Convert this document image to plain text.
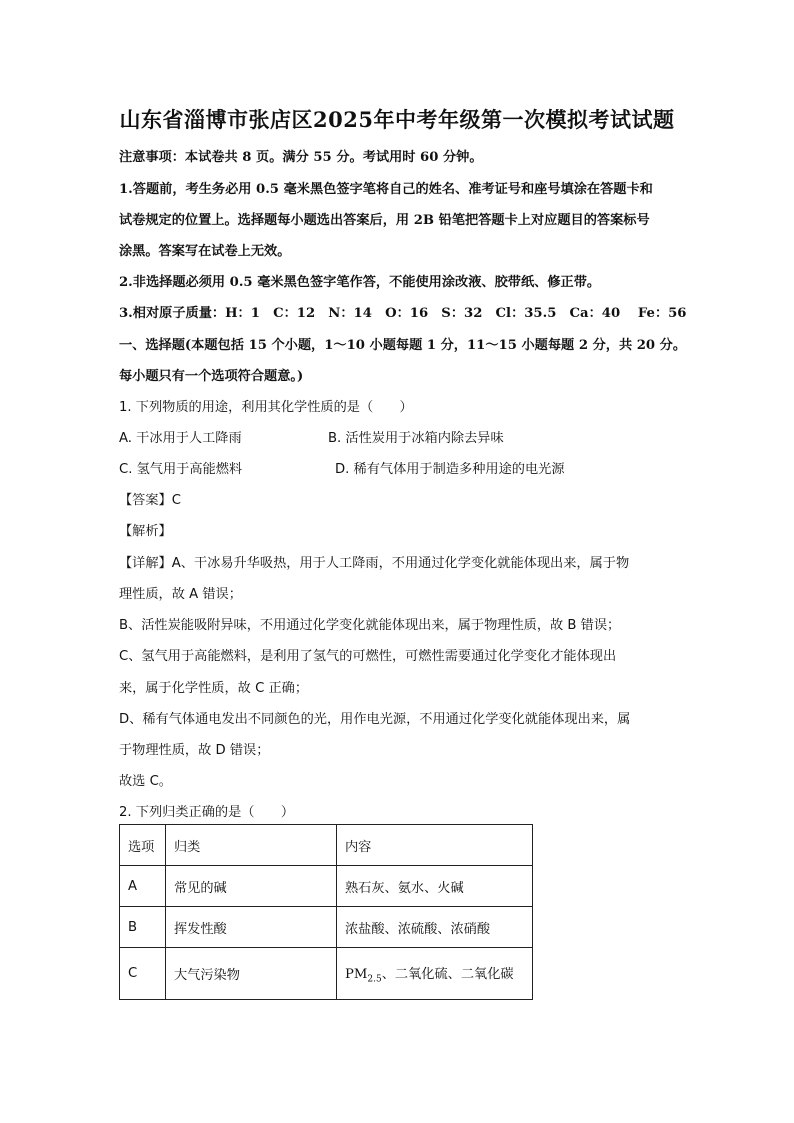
山东省淄博市张店区2025年中考年级第一次模拟考试试题
注意事项：本试卷共 8 页。满分 55 分。考试用时 60 分钟。
1.答题前，考生务必用 0.5 毫米黑色签字笔将自己的姓名、准考证号和座号填涂在答题卡和
试卷规定的位置上。选择题每小题选出答案后，用 2B 铅笔把答题卡上对应题目的答案标号
涂黑。答案写在试卷上无效。
2.非选择题必须用 0.5 毫米黑色签字笔作答，不能使用涂改液、胶带纸、修正带。
3.相对原子质量：H：1　C：12　N：14　O：16　S：32　Cl：35.5　Ca：40　 Fe：56
一、选择题(本题包括 15 个小题，1～10 小题每题 1 分，11～15 小题每题 2 分，共 20 分。
每小题只有一个选项符合题意。)
1. 下列物质的用途，利用其化学性质的是（　　）
A. 干冰用于人工降雨	B. 活性炭用于冰箱内除去异味
C. 氢气用于高能燃料	D. 稀有气体用于制造多种用途的电光源
【答案】C
【解析】
【详解】A、干冰易升华吸热，用于人工降雨，不用通过化学变化就能体现出来，属于物
理性质，故 A 错误；
B、活性炭能吸附异味，不用通过化学变化就能体现出来，属于物理性质，故 B 错误；
C、氢气用于高能燃料，是利用了氢气的可燃性，可燃性需要通过化学变化才能体现出
来，属于化学性质，故 C 正确；
D、稀有气体通电发出不同颜色的光，用作电光源，不用通过化学变化就能体现出来，属
于物理性质，故 D 错误；
故选 C。
2. 下列归类正确的是（　　）
选项	归类	内容
A	常见的碱	熟石灰、氨水、火碱
B	挥发性酸	浓盐酸、浓硫酸、浓硝酸
C	大气污染物	$PM_{2.5}$、二氧化硫、二氧化碳
